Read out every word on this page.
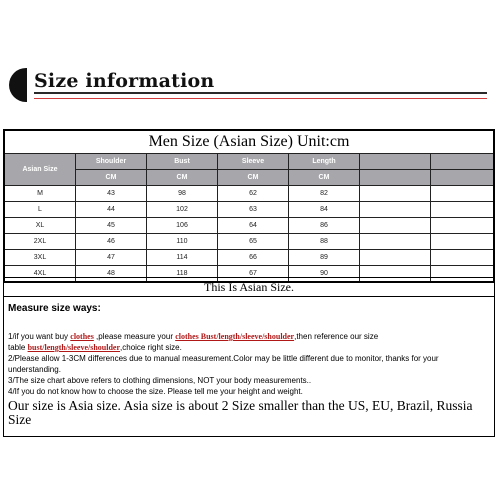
Size information
Men Size (Asian Size) Unit:cm						
Asian Size	Shoulder	Bust	Sleeve	Length		
	CM	CM	CM	CM		
M	43	98	62	82		
L	44	102	63	84		
XL	45	106	64	86		
2XL	46	110	65	88		
3XL	47	114	66	89		
4XL	48	118	67	90		
This Is Asian Size.
Measure size ways:

1/if you want buy clothes ,please measure your clothes Bust/length/sleeve/shoulder,then reference our size

table bust/length/sleeve/shoulder,choice right size.

2/Please allow 1-3CM differences due to manual measurement.Color may be little different due to monitor, thanks for your understanding.

3/The size chart above refers to clothing dimensions, NOT your body measurements..

4/If you do not know how to choose the size. Please tell me your height and weight.

Our size is Asia size. Asia size is about 2 Size smaller than the US, EU, Brazil, Russia Size
